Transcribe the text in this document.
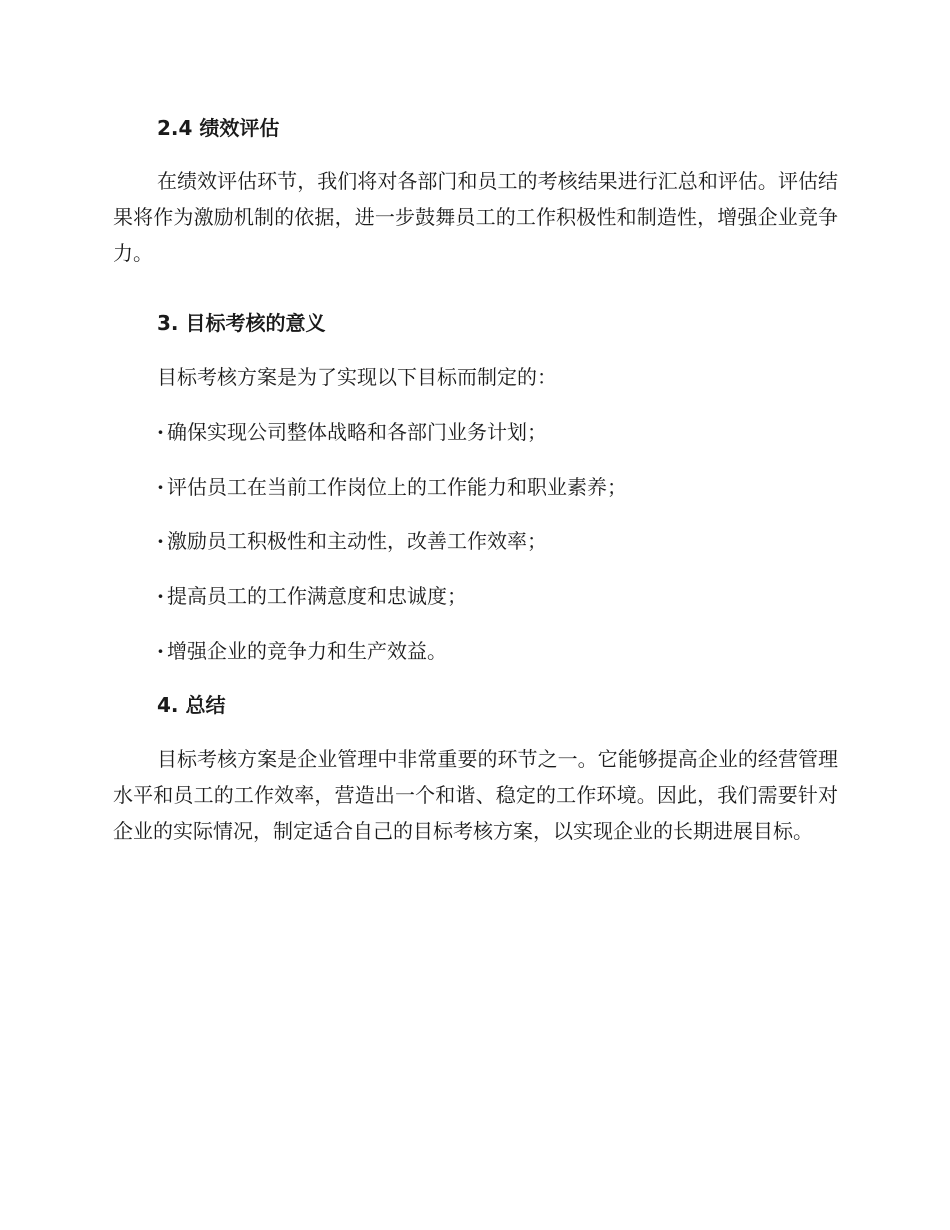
2.4 绩效评估
在绩效评估环节，我们将对各部门和员工的考核结果进行汇总和评估。评估结果将作为激励机制的依据，进一步鼓舞员工的工作积极性和制造性，增强企业竞争力。
3. 目标考核的意义
目标考核方案是为了实现以下目标而制定的：
· 确保实现公司整体战略和各部门业务计划；
· 评估员工在当前工作岗位上的工作能力和职业素养；
· 激励员工积极性和主动性，改善工作效率；
· 提高员工的工作满意度和忠诚度；
· 增强企业的竞争力和生产效益。
4. 总结
目标考核方案是企业管理中非常重要的环节之一。它能够提高企业的经营管理水平和员工的工作效率，营造出一个和谐、稳定的工作环境。因此，我们需要针对企业的实际情况，制定适合自己的目标考核方案，以实现企业的长期进展目标。
